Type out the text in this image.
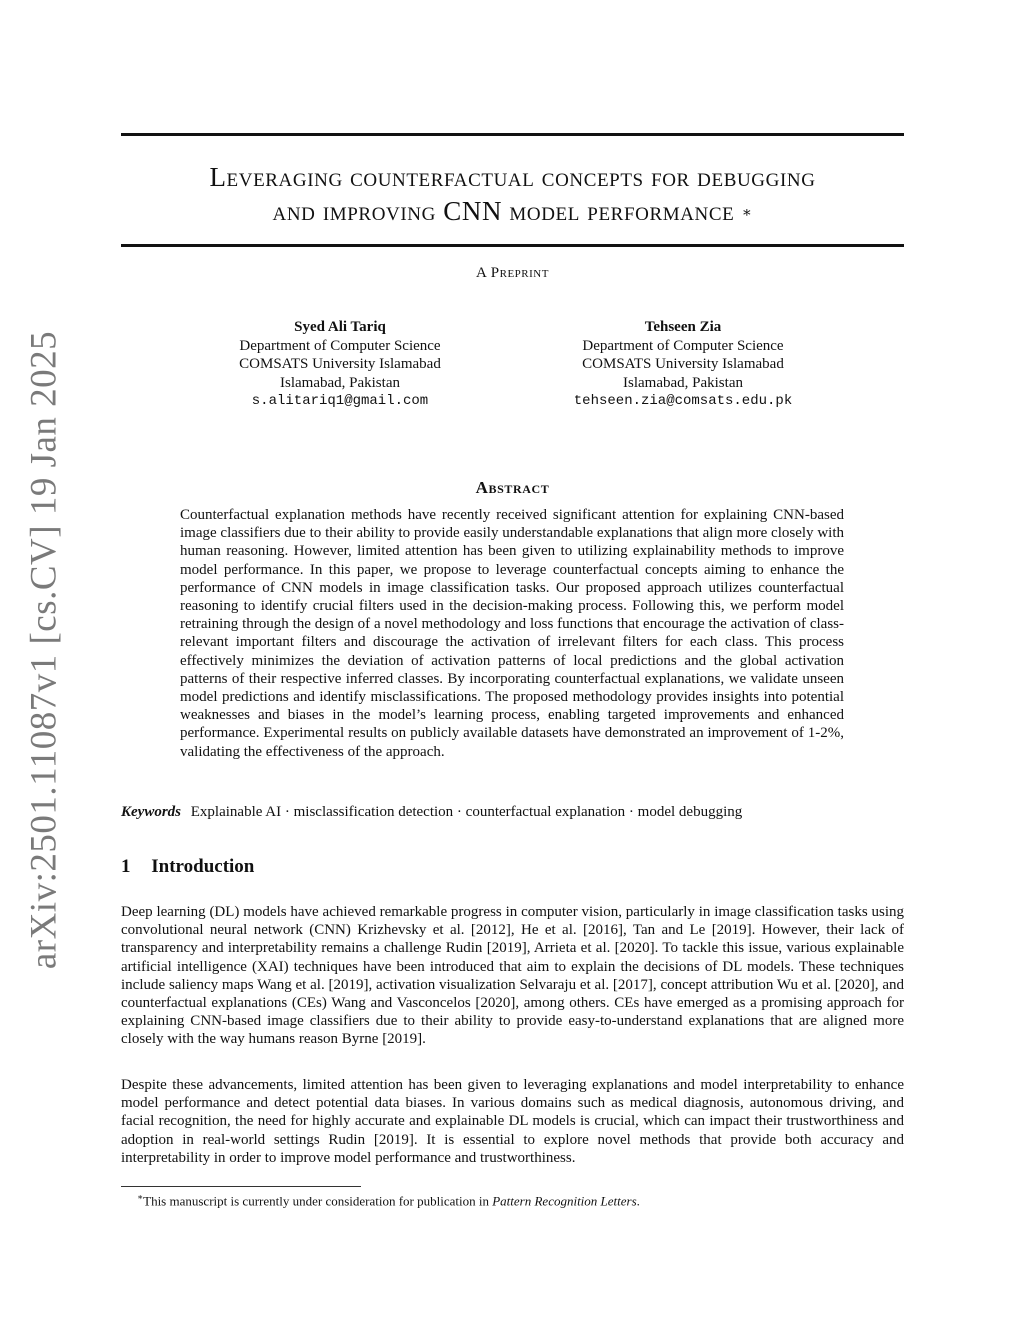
arXiv:2501.11087v1 [cs.CV] 19 Jan 2025
Leveraging counterfactual concepts for debugging
and improving CNN model performance ∗
A Preprint
Syed Ali Tariq
Department of Computer Science
COMSATS University Islamabad
Islamabad, Pakistan
s.alitariq1@gmail.com
Tehseen Zia
Department of Computer Science
COMSATS University Islamabad
Islamabad, Pakistan
tehseen.zia@comsats.edu.pk
Abstract
Counterfactual explanation methods have recently received significant attention for explaining CNN-based image classifiers due to their ability to provide easily understandable explanations that align more closely with human reasoning. However, limited attention has been given to utilizing explainability methods to improve model performance. In this paper, we propose to leverage counterfactual concepts aiming to enhance the performance of CNN models in image classification tasks. Our proposed approach utilizes counterfactual reasoning to identify crucial filters used in the decision-making process. Following this, we perform model retraining through the design of a novel methodology and loss functions that encourage the activation of class-relevant important filters and discourage the activation of irrelevant filters for each class. This process effectively minimizes the deviation of activation patterns of local predictions and the global activation patterns of their respective inferred classes. By incorporating counterfactual explanations, we validate unseen model predictions and identify misclassifications. The proposed methodology provides insights into potential weaknesses and biases in the model’s learning process, enabling targeted improvements and enhanced performance. Experimental results on publicly available datasets have demonstrated an improvement of 1-2%, validating the effectiveness of the approach.
Keywords Explainable AI · misclassification detection · counterfactual explanation · model debugging
1 Introduction

Deep learning (DL) models have achieved remarkable progress in computer vision, particularly in image classification tasks using convolutional neural network (CNN) Krizhevsky et al. [2012], He et al. [2016], Tan and Le [2019]. However, their lack of transparency and interpretability remains a challenge Rudin [2019], Arrieta et al. [2020]. To tackle this issue, various explainable artificial intelligence (XAI) techniques have been introduced that aim to explain the decisions of DL models. These techniques include saliency maps Wang et al. [2019], activation visualization Selvaraju et al. [2017], concept attribution Wu et al. [2020], and counterfactual explanations (CEs) Wang and Vasconcelos [2020], among others. CEs have emerged as a promising approach for explaining CNN-based image classifiers due to their ability to provide easy-to-understand explanations that are aligned more closely with the way humans reason Byrne [2019].

Despite these advancements, limited attention has been given to leveraging explanations and model interpretability to enhance model performance and detect potential data biases. In various domains such as medical diagnosis, autonomous driving, and facial recognition, the need for highly accurate and explainable DL models is crucial, which can impact their trustworthiness and adoption in real-world settings Rudin [2019]. It is essential to explore novel methods that provide both accuracy and interpretability in order to improve model performance and trustworthiness.

∗This manuscript is currently under consideration for publication in Pattern Recognition Letters.
